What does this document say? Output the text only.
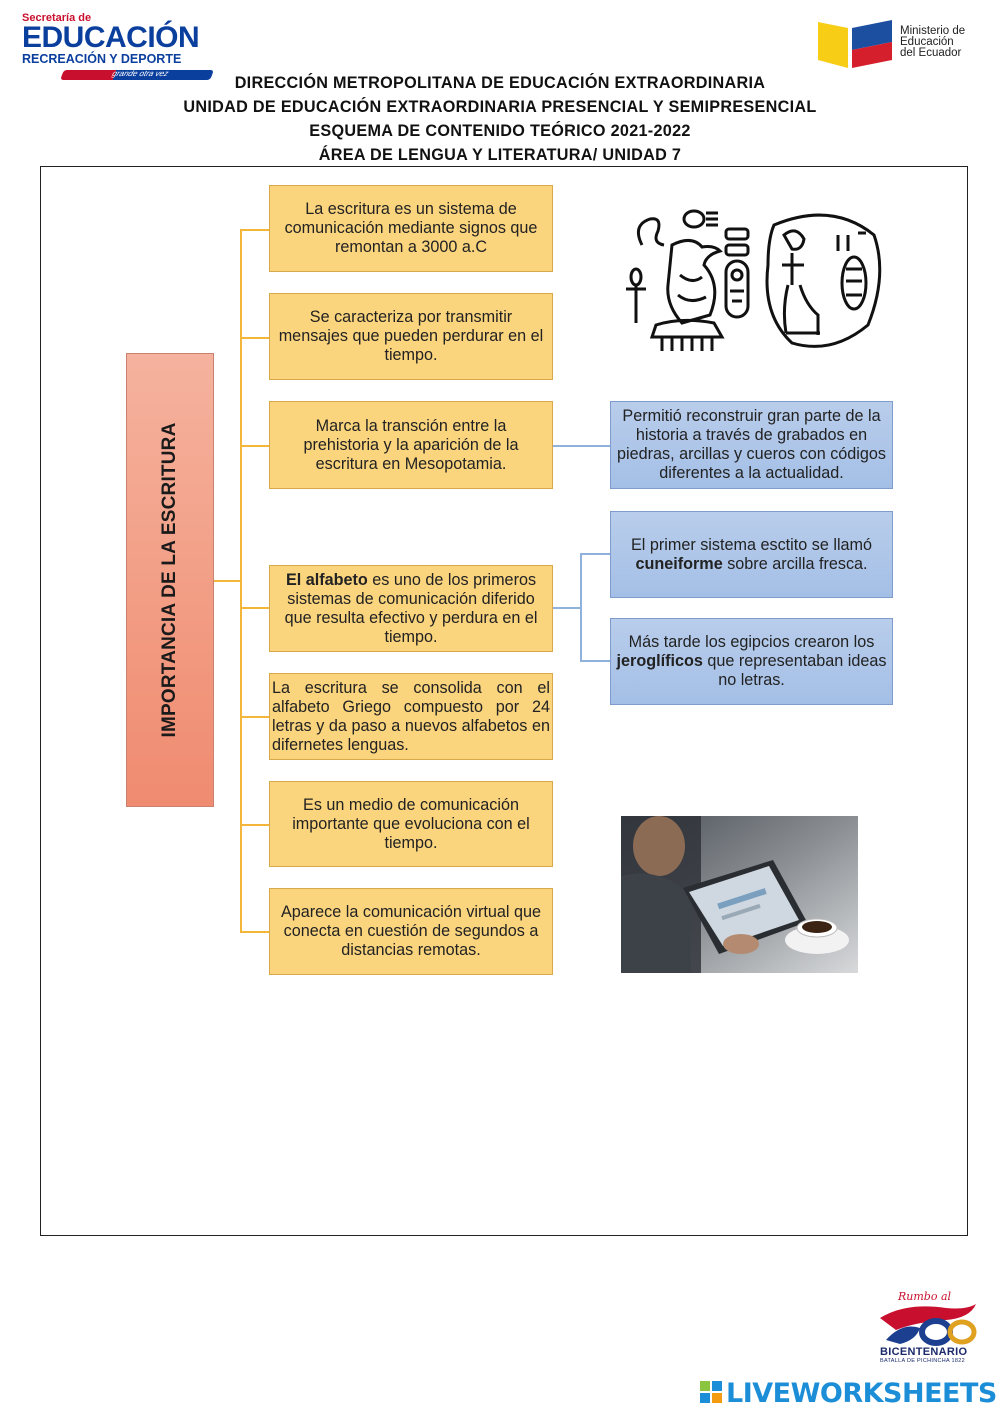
Secretaría de
EDUCACIÓN
RECREACIÓN Y DEPORTE
grande otra vez
Ministerio de
Educación
del Ecuador
DIRECCIÓN METROPOLITANA DE EDUCACIÓN EXTRAORDINARIA
UNIDAD DE EDUCACIÓN EXTRAORDINARIA PRESENCIAL Y SEMIPRESENCIAL
ESQUEMA DE CONTENIDO TEÓRICO 2021-2022
ÁREA DE LENGUA Y LITERATURA/ UNIDAD 7
IMPORTANCIA DE LA ESCRITURA
La escritura es un sistema de comunicación mediante signos que remontan a 3000 a.C
Se caracteriza por transmitir mensajes que pueden perdurar en el tiempo.
Marca la transción entre la prehistoria y la aparición de la escritura en Mesopotamia.
El alfabeto es uno de los primeros sistemas de comunicación diferido que resulta efectivo y perdura en el tiempo.
La escritura se consolida con el alfabeto Griego compuesto por 24 letras y da paso a nuevos alfabetos en difernetes lenguas.
Es un medio de comunicación importante que evoluciona con el tiempo.
Aparece la comunicación virtual que conecta en cuestión de segundos a distancias remotas.
Permitió reconstruir gran parte de la historia a través de grabados en piedras, arcillas y cueros con códigos diferentes a la actualidad.
El primer sistema esctito se llamó cuneiforme sobre arcilla fresca.
Más tarde los egipcios crearon los jeroglíficos que representaban ideas no letras.
Rumbo al
BICENTENARIO
BATALLA DE PICHINCHA 1822
LIVEWORKSHEETS
